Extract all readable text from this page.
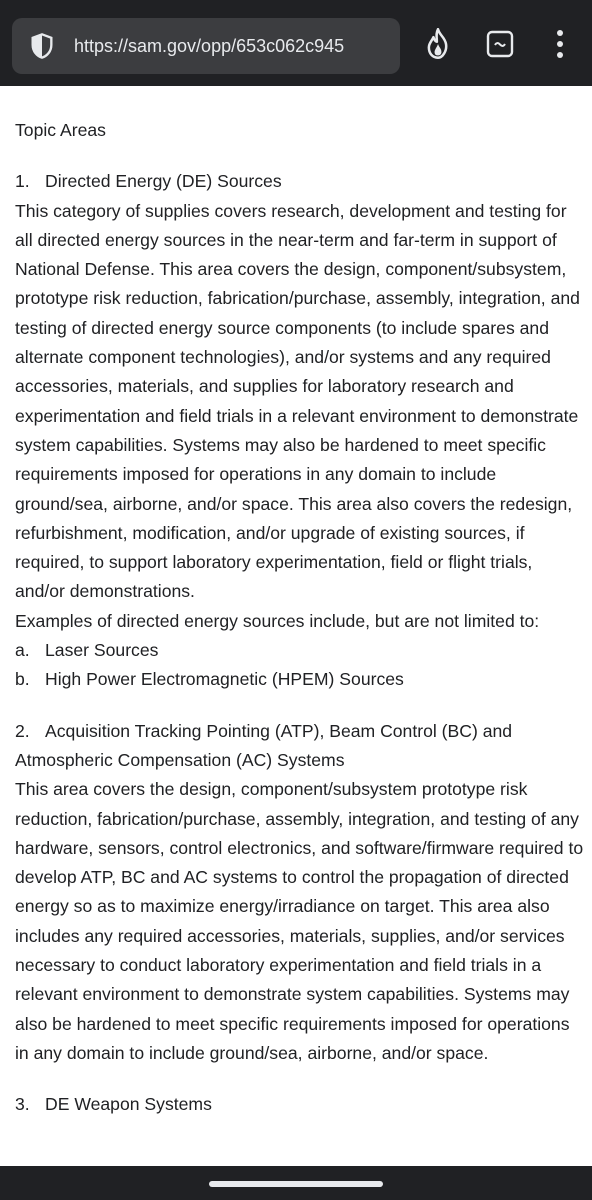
https://sam.gov/opp/653c062c945

Topic Areas

1. Directed Energy (DE) Sources

This category of supplies covers research, development and testing for all directed energy sources in the near-term and far-term in support of National Defense. This area covers the design, component/subsystem, prototype risk reduction, fabrication/purchase, assembly, integration, and testing of directed energy source components (to include spares and alternate component technologies), and/or systems and any required accessories, materials, and supplies for laboratory research and experimentation and field trials in a relevant environment to demonstrate system capabilities. Systems may also be hardened to meet specific requirements imposed for operations in any domain to include ground/sea, airborne, and/or space. This area also covers the redesign, refurbishment, modification, and/or upgrade of existing sources, if required, to support laboratory experimentation, field or flight trials, and/or demonstrations.

Examples of directed energy sources include, but are not limited to:

a. Laser Sources

b. High Power Electromagnetic (HPEM) Sources

2. Acquisition Tracking Pointing (ATP), Beam Control (BC) and Atmospheric Compensation (AC) Systems

This area covers the design, component/subsystem prototype risk reduction, fabrication/purchase, assembly, integration, and testing of any hardware, sensors, control electronics, and software/firmware required to develop ATP, BC and AC systems to control the propagation of directed energy so as to maximize energy/irradiance on target. This area also includes any required accessories, materials, supplies, and/or services necessary to conduct laboratory experimentation and field trials in a relevant environment to demonstrate system capabilities. Systems may also be hardened to meet specific requirements imposed for operations in any domain to include ground/sea, airborne, and/or space.

3. DE Weapon Systems
